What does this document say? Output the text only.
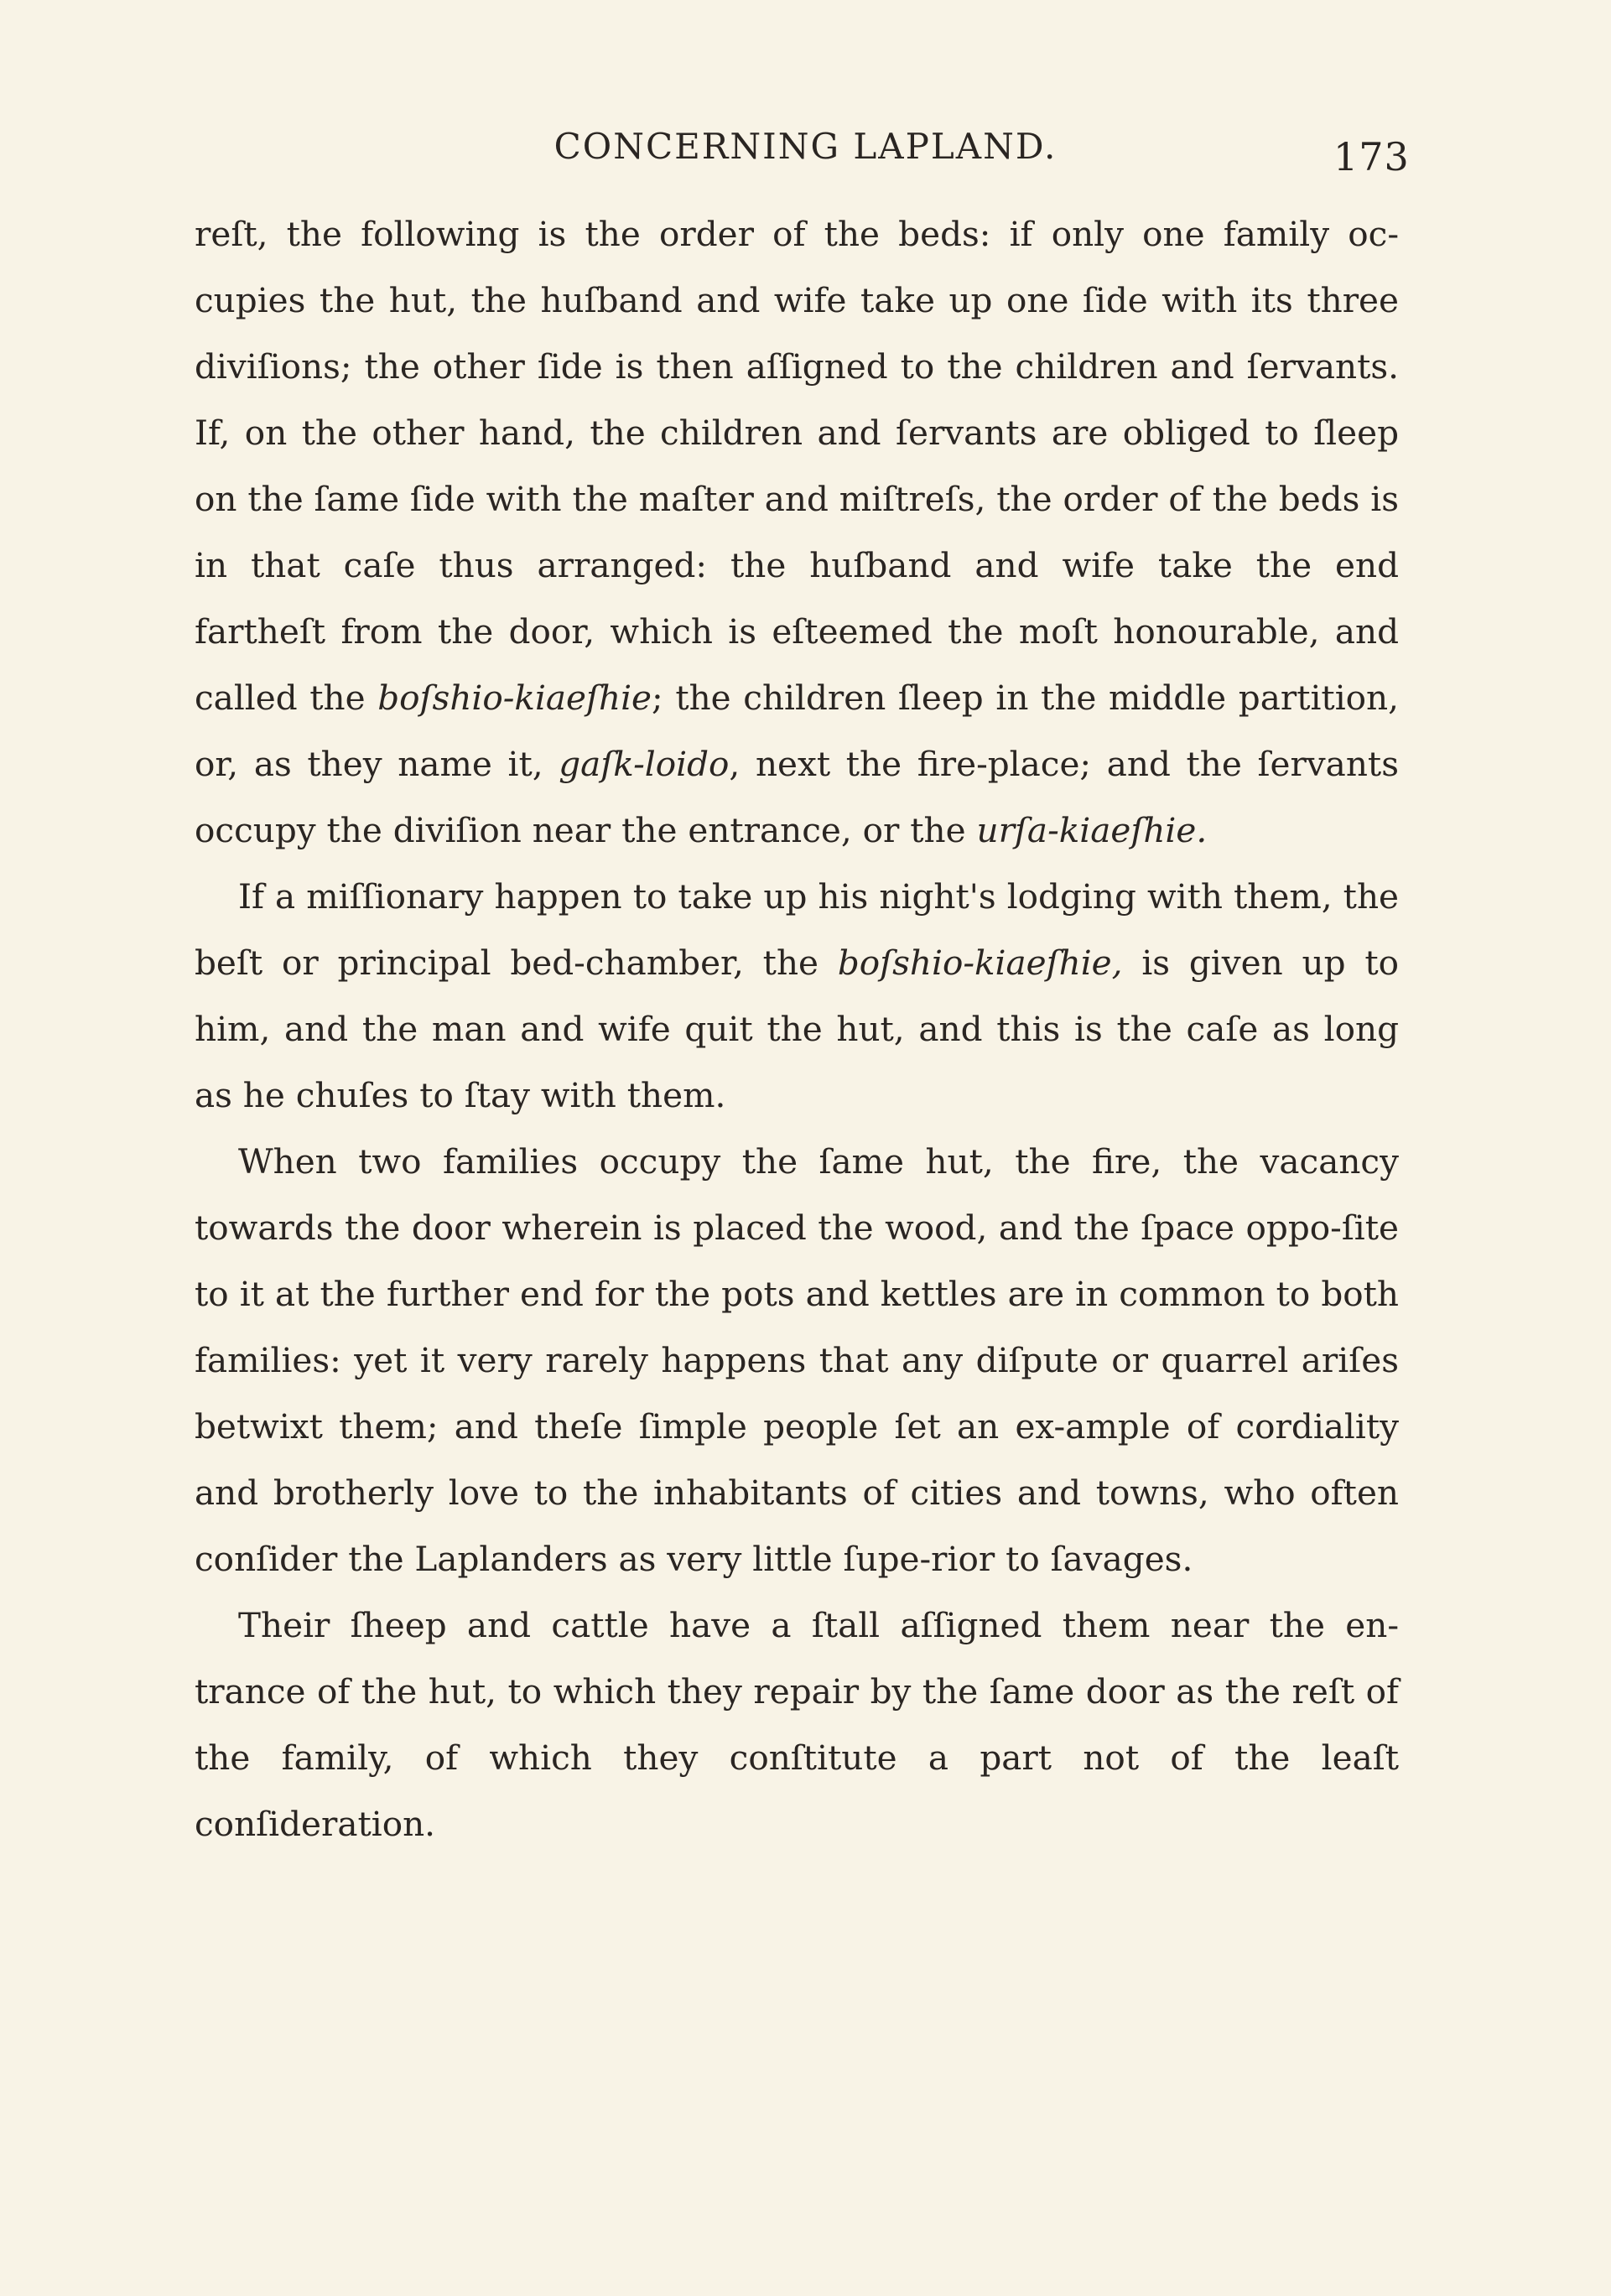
CONCERNING LAPLAND.	173

reſt, the following is the order of the beds: if only one family oc-cupies the hut, the huſband and wife take up one ſide with its three diviſions; the other ſide is then aſſigned to the children and ſervants. If, on the other hand, the children and ſervants are obliged to ſleep on the ſame ſide with the maſter and miſtreſs, the order of the beds is in that caſe thus arranged: the huſband and wife take the end fartheſt from the door, which is eſteemed the moſt honourable, and called the boſshio-kiaeſhie; the children ſleep in the middle partition, or, as they name it, gaſk-loido, next the fire-place; and the ſervants occupy the diviſion near the entrance, or the urſa-kiaeſhie.

If a miſſionary happen to take up his night's lodging with them, the beſt or principal bed-chamber, the boſshio-kiaeſhie, is given up to him, and the man and wife quit the hut, and this is the caſe as long as he chuſes to ſtay with them.

When two families occupy the ſame hut, the fire, the vacancy towards the door wherein is placed the wood, and the ſpace oppo-ſite to it at the further end for the pots and kettles are in common to both families: yet it very rarely happens that any diſpute or quarrel ariſes betwixt them; and theſe ſimple people ſet an ex-ample of cordiality and brotherly love to the inhabitants of cities and towns, who often conſider the Laplanders as very little ſupe-rior to ſavages.

Their ſheep and cattle have a ſtall aſſigned them near the en-trance of the hut, to which they repair by the ſame door as the reſt of the family, of which they conſtitute a part not of the leaſt conſideration.
